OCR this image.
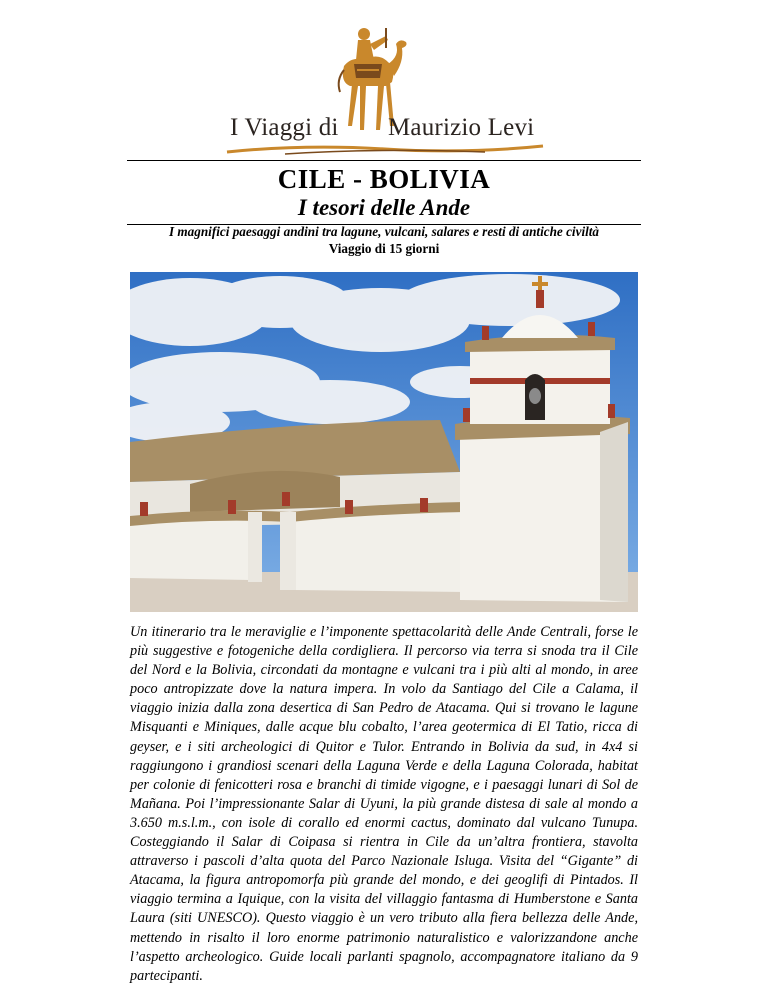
I Viaggi di Maurizio Levi
CILE - BOLIVIA
I tesori delle Ande
I magnifici paesaggi andini tra lagune, vulcani, salares e resti di antiche civiltà
Viaggio di 15 giorni
Un itinerario tra le meraviglie e l’imponente spettacolarità delle Ande Centrali, forse le più suggestive e fotogeniche della cordigliera. Il percorso via terra si snoda tra il Cile del Nord e la Bolivia, circondati da montagne e vulcani tra i più alti al mondo, in aree poco antropizzate dove la natura impera. In volo da Santiago del Cile a Calama, il viaggio inizia dalla zona desertica di San Pedro de Atacama. Qui si trovano le lagune Misquanti e Miniques, dalle acque blu cobalto, l’area geotermica di El Tatio, ricca di geyser, e i siti archeologici di Quitor e Tulor. Entrando in Bolivia da sud, in 4x4 si raggiungono i grandiosi scenari della Laguna Verde e della Laguna Colorada, habitat per colonie di fenicotteri rosa e branchi di timide vigogne, e i paesaggi lunari di Sol de Mañana. Poi l’impressionante Salar di Uyuni, la più grande distesa di sale al mondo a 3.650 m.s.l.m., con isole di corallo ed enormi cactus, dominato dal vulcano Tunupa. Costeggiando il Salar di Coipasa si rientra in Cile da un’altra frontiera, stavolta attraverso i pascoli d’alta quota del Parco Nazionale Isluga. Visita del “Gigante” di Atacama, la figura antropomorfa più grande del mondo, e dei geoglifi di Pintados. Il viaggio termina a Iquique, con la visita del villaggio fantasma di Humberstone e Santa Laura (siti UNESCO). Questo viaggio è un vero tributo alla fiera bellezza delle Ande, mettendo in risalto il loro enorme patrimonio naturalistico e valorizzandone anche l’aspetto archeologico. Guide locali parlanti spagnolo, accompagnatore italiano da 9 partecipanti.
